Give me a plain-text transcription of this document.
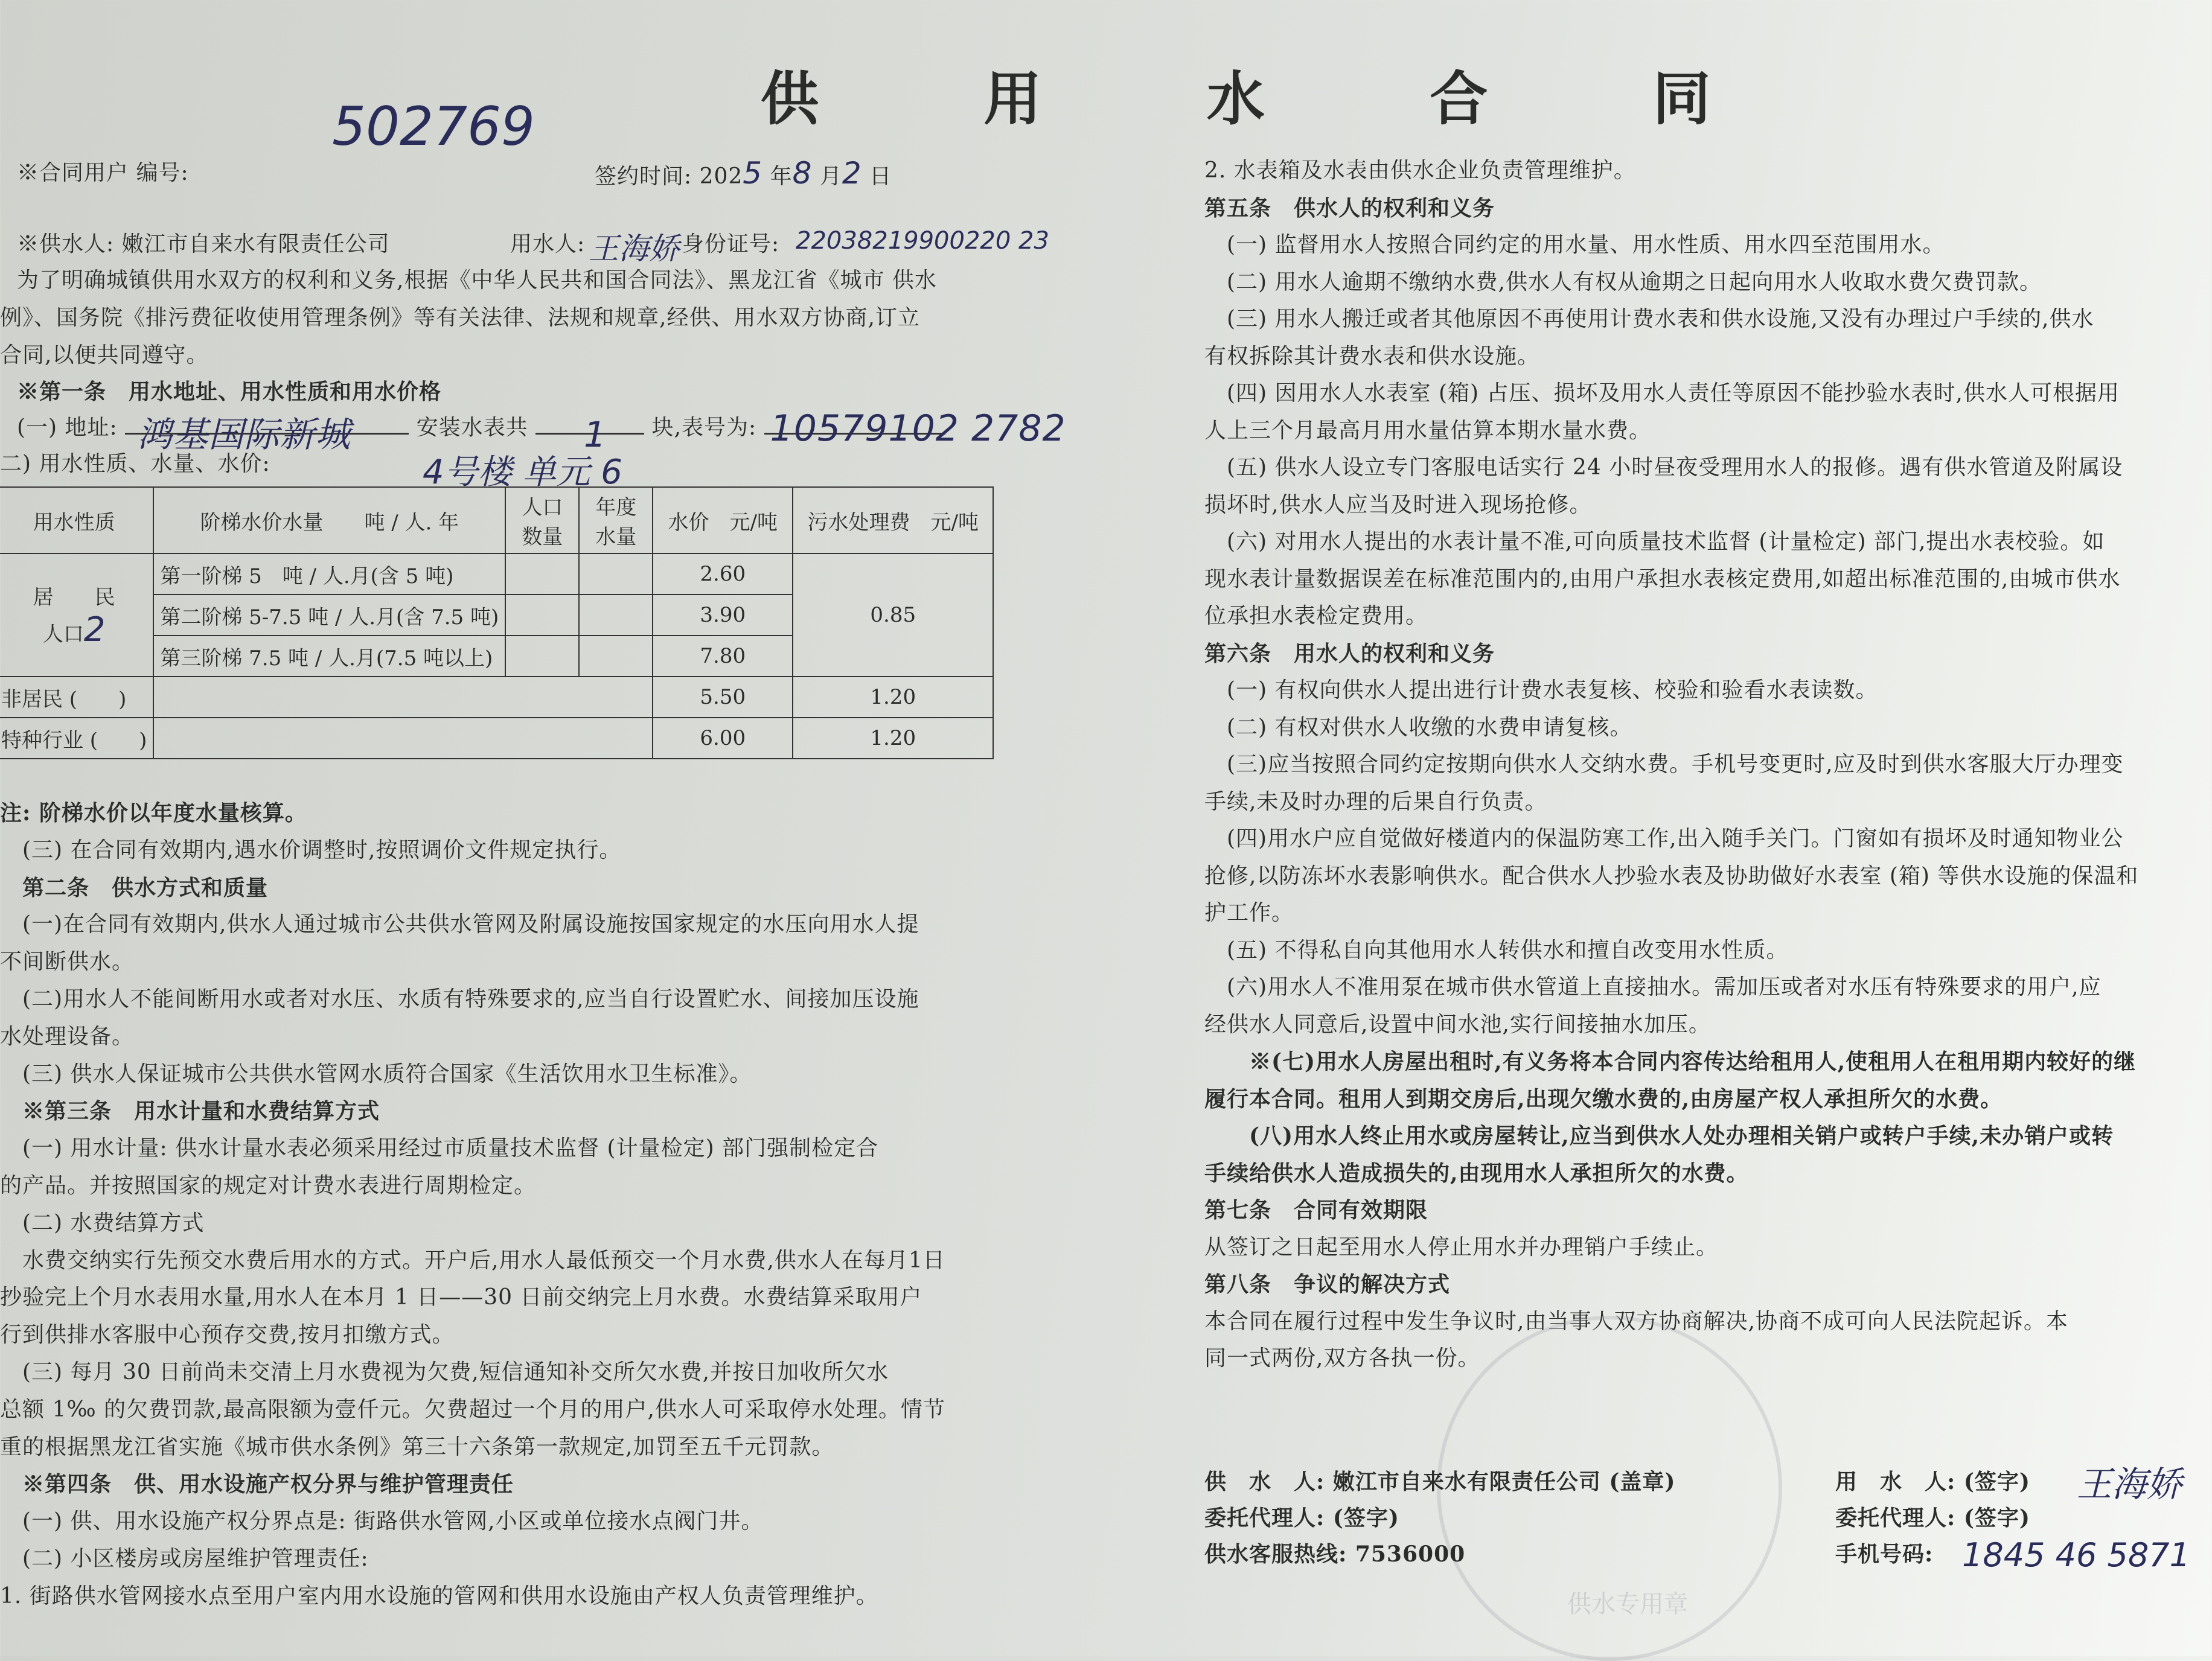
供 用 水 合 同
502769
※合同用户 编号:	签约时间: 2025 年8 月2 日
※供水人: 嫩江市自来水有限责任公司	用水人: 王海娇 身份证号: 22038219900220 23
为了明确城镇供用水双方的权利和义务,根据《中华人民共和国合同法》、黑龙江省《城市 供水
例》、国务院《排污费征收使用管理条例》等有关法律、法规和规章,经供、用水双方协商,订立
合同,以便共同遵守。
※第一条　用水地址、用水性质和用水价格
(一) 地址: 鸿基国际新城	安装水表共 1 块,表号为: 10579102 2782
二) 用水性质、水量、水价:	4号楼 单元 6
用水性质	阶梯水价水量　　吨 / 人. 年	人口数量	年度水量	水价　元/吨	污水处理费　元/吨

居　　民
人口2	第一阶梯 5　吨 / 人.月(含 5 吨)			2.60	0.85
	第二阶梯 5-7.5 吨 / 人.月(含 7.5 吨)			3.90	
	第三阶梯 7.5 吨 / 人.月(7.5 吨以上)			7.80	
非居民 (　　)				5.50	1.20
特种行业 (　　)				6.00	1.20
注: 阶梯水价以年度水量核算。
　(三) 在合同有效期内,遇水价调整时,按照调价文件规定执行。
　第二条　供水方式和质量
　(一)在合同有效期内,供水人通过城市公共供水管网及附属设施按国家规定的水压向用水人提
不间断供水。
　(二)用水人不能间断用水或者对水压、水质有特殊要求的,应当自行设置贮水、间接加压设施
水处理设备。
　(三) 供水人保证城市公共供水管网水质符合国家《生活饮用水卫生标准》。
　※第三条　用水计量和水费结算方式
　(一) 用水计量: 供水计量水表必须采用经过市质量技术监督 (计量检定) 部门强制检定合
的产品。并按照国家的规定对计费水表进行周期检定。
　(二) 水费结算方式
　水费交纳实行先预交水费后用水的方式。开户后,用水人最低预交一个月水费,供水人在每月1日
抄验完上个月水表用水量,用水人在本月 1 日——30 日前交纳完上月水费。水费结算采取用户
行到供排水客服中心预存交费,按月扣缴方式。
　(三) 每月 30 日前尚未交清上月水费视为欠费,短信通知补交所欠水费,并按日加收所欠水
总额 1‰ 的欠费罚款,最高限额为壹仟元。欠费超过一个月的用户,供水人可采取停水处理。情节
重的根据黑龙江省实施《城市供水条例》第三十六条第一款规定,加罚至五千元罚款。
　※第四条　供、用水设施产权分界与维护管理责任
　(一) 供、用水设施产权分界点是: 街路供水管网,小区或单位接水点阀门井。
　(二) 小区楼房或房屋维护管理责任:
1. 街路供水管网接水点至用户室内用水设施的管网和供用水设施由产权人负责管理维护。
2. 水表箱及水表由供水企业负责管理维护。
第五条　供水人的权利和义务
　(一) 监督用水人按照合同约定的用水量、用水性质、用水四至范围用水。
　(二) 用水人逾期不缴纳水费,供水人有权从逾期之日起向用水人收取水费欠费罚款。
　(三) 用水人搬迁或者其他原因不再使用计费水表和供水设施,又没有办理过户手续的,供水
有权拆除其计费水表和供水设施。
　(四) 因用水人水表室 (箱) 占压、损坏及用水人责任等原因不能抄验水表时,供水人可根据用
人上三个月最高月用水量估算本期水量水费。
　(五) 供水人设立专门客服电话实行 24 小时昼夜受理用水人的报修。遇有供水管道及附属设
损坏时,供水人应当及时进入现场抢修。
　(六) 对用水人提出的水表计量不准,可向质量技术监督 (计量检定) 部门,提出水表校验。如
现水表计量数据误差在标准范围内的,由用户承担水表核定费用,如超出标准范围的,由城市供水
位承担水表检定费用。
第六条　用水人的权利和义务
　(一) 有权向供水人提出进行计费水表复核、校验和验看水表读数。
　(二) 有权对供水人收缴的水费申请复核。
　(三)应当按照合同约定按期向供水人交纳水费。手机号变更时,应及时到供水客服大厅办理变
手续,未及时办理的后果自行负责。
　(四)用水户应自觉做好楼道内的保温防寒工作,出入随手关门。门窗如有损坏及时通知物业公
抢修,以防冻坏水表影响供水。配合供水人抄验水表及协助做好水表室 (箱) 等供水设施的保温和
护工作。
　(五) 不得私自向其他用水人转供水和擅自改变用水性质。
　(六)用水人不准用泵在城市供水管道上直接抽水。需加压或者对水压有特殊要求的用户,应
经供水人同意后,设置中间水池,实行间接抽水加压。
　　※(七)用水人房屋出租时,有义务将本合同内容传达给租用人,使租用人在租用期内较好的继
履行本合同。租用人到期交房后,出现欠缴水费的,由房屋产权人承担所欠的水费。
　　(八)用水人终止用水或房屋转让,应当到供水人处办理相关销户或转户手续,未办销户或转
手续给供水人造成损失的,由现用水人承担所欠的水费。
第七条　合同有效期限
从签订之日起至用水人停止用水并办理销户手续止。
第八条　争议的解决方式
本合同在履行过程中发生争议时,由当事人双方协商解决,协商不成可向人民法院起诉。本
同一式两份,双方各执一份。
供水专用章
供　水　人: 嫩江市自来水有限责任公司 (盖章)
委托代理人: (签字)
供水客服热线: 7536000
用　水　人: (签字) 王海娇
委托代理人: (签字)
手机号码: 1845 46 5871
